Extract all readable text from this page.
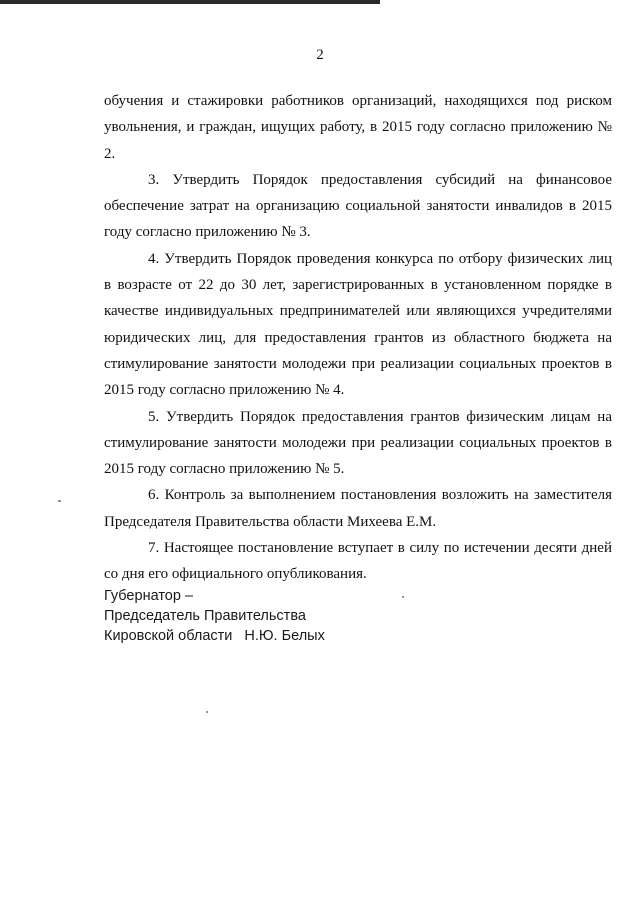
2

обучения и стажировки работников организаций, находящихся под риском увольнения, и граждан, ищущих работу, в 2015 году согласно приложению № 2.

3. Утвердить Порядок предоставления субсидий на финансовое обеспечение затрат на организацию социальной занятости инвалидов в 2015 году согласно приложению № 3.

4. Утвердить Порядок проведения конкурса по отбору физических лиц в возрасте от 22 до 30 лет, зарегистрированных в установленном порядке в качестве индивидуальных предпринимателей или являющихся учредителями юридических лиц, для предоставления грантов из областного бюджета на стимулирование занятости молодежи при реализации социальных проектов в 2015 году согласно приложению № 4.

5. Утвердить Порядок предоставления грантов физическим лицам на стимулирование занятости молодежи при реализации социальных проектов в 2015 году согласно приложению № 5.

6. Контроль за выполнением постановления возложить на заместителя Председателя Правительства области Михеева Е.М.

7. Настоящее постановление вступает в силу по истечении десяти дней со дня его официального опубликования.

Губернатор –
Председатель Правительства
Кировской области Н.Ю. Белых
